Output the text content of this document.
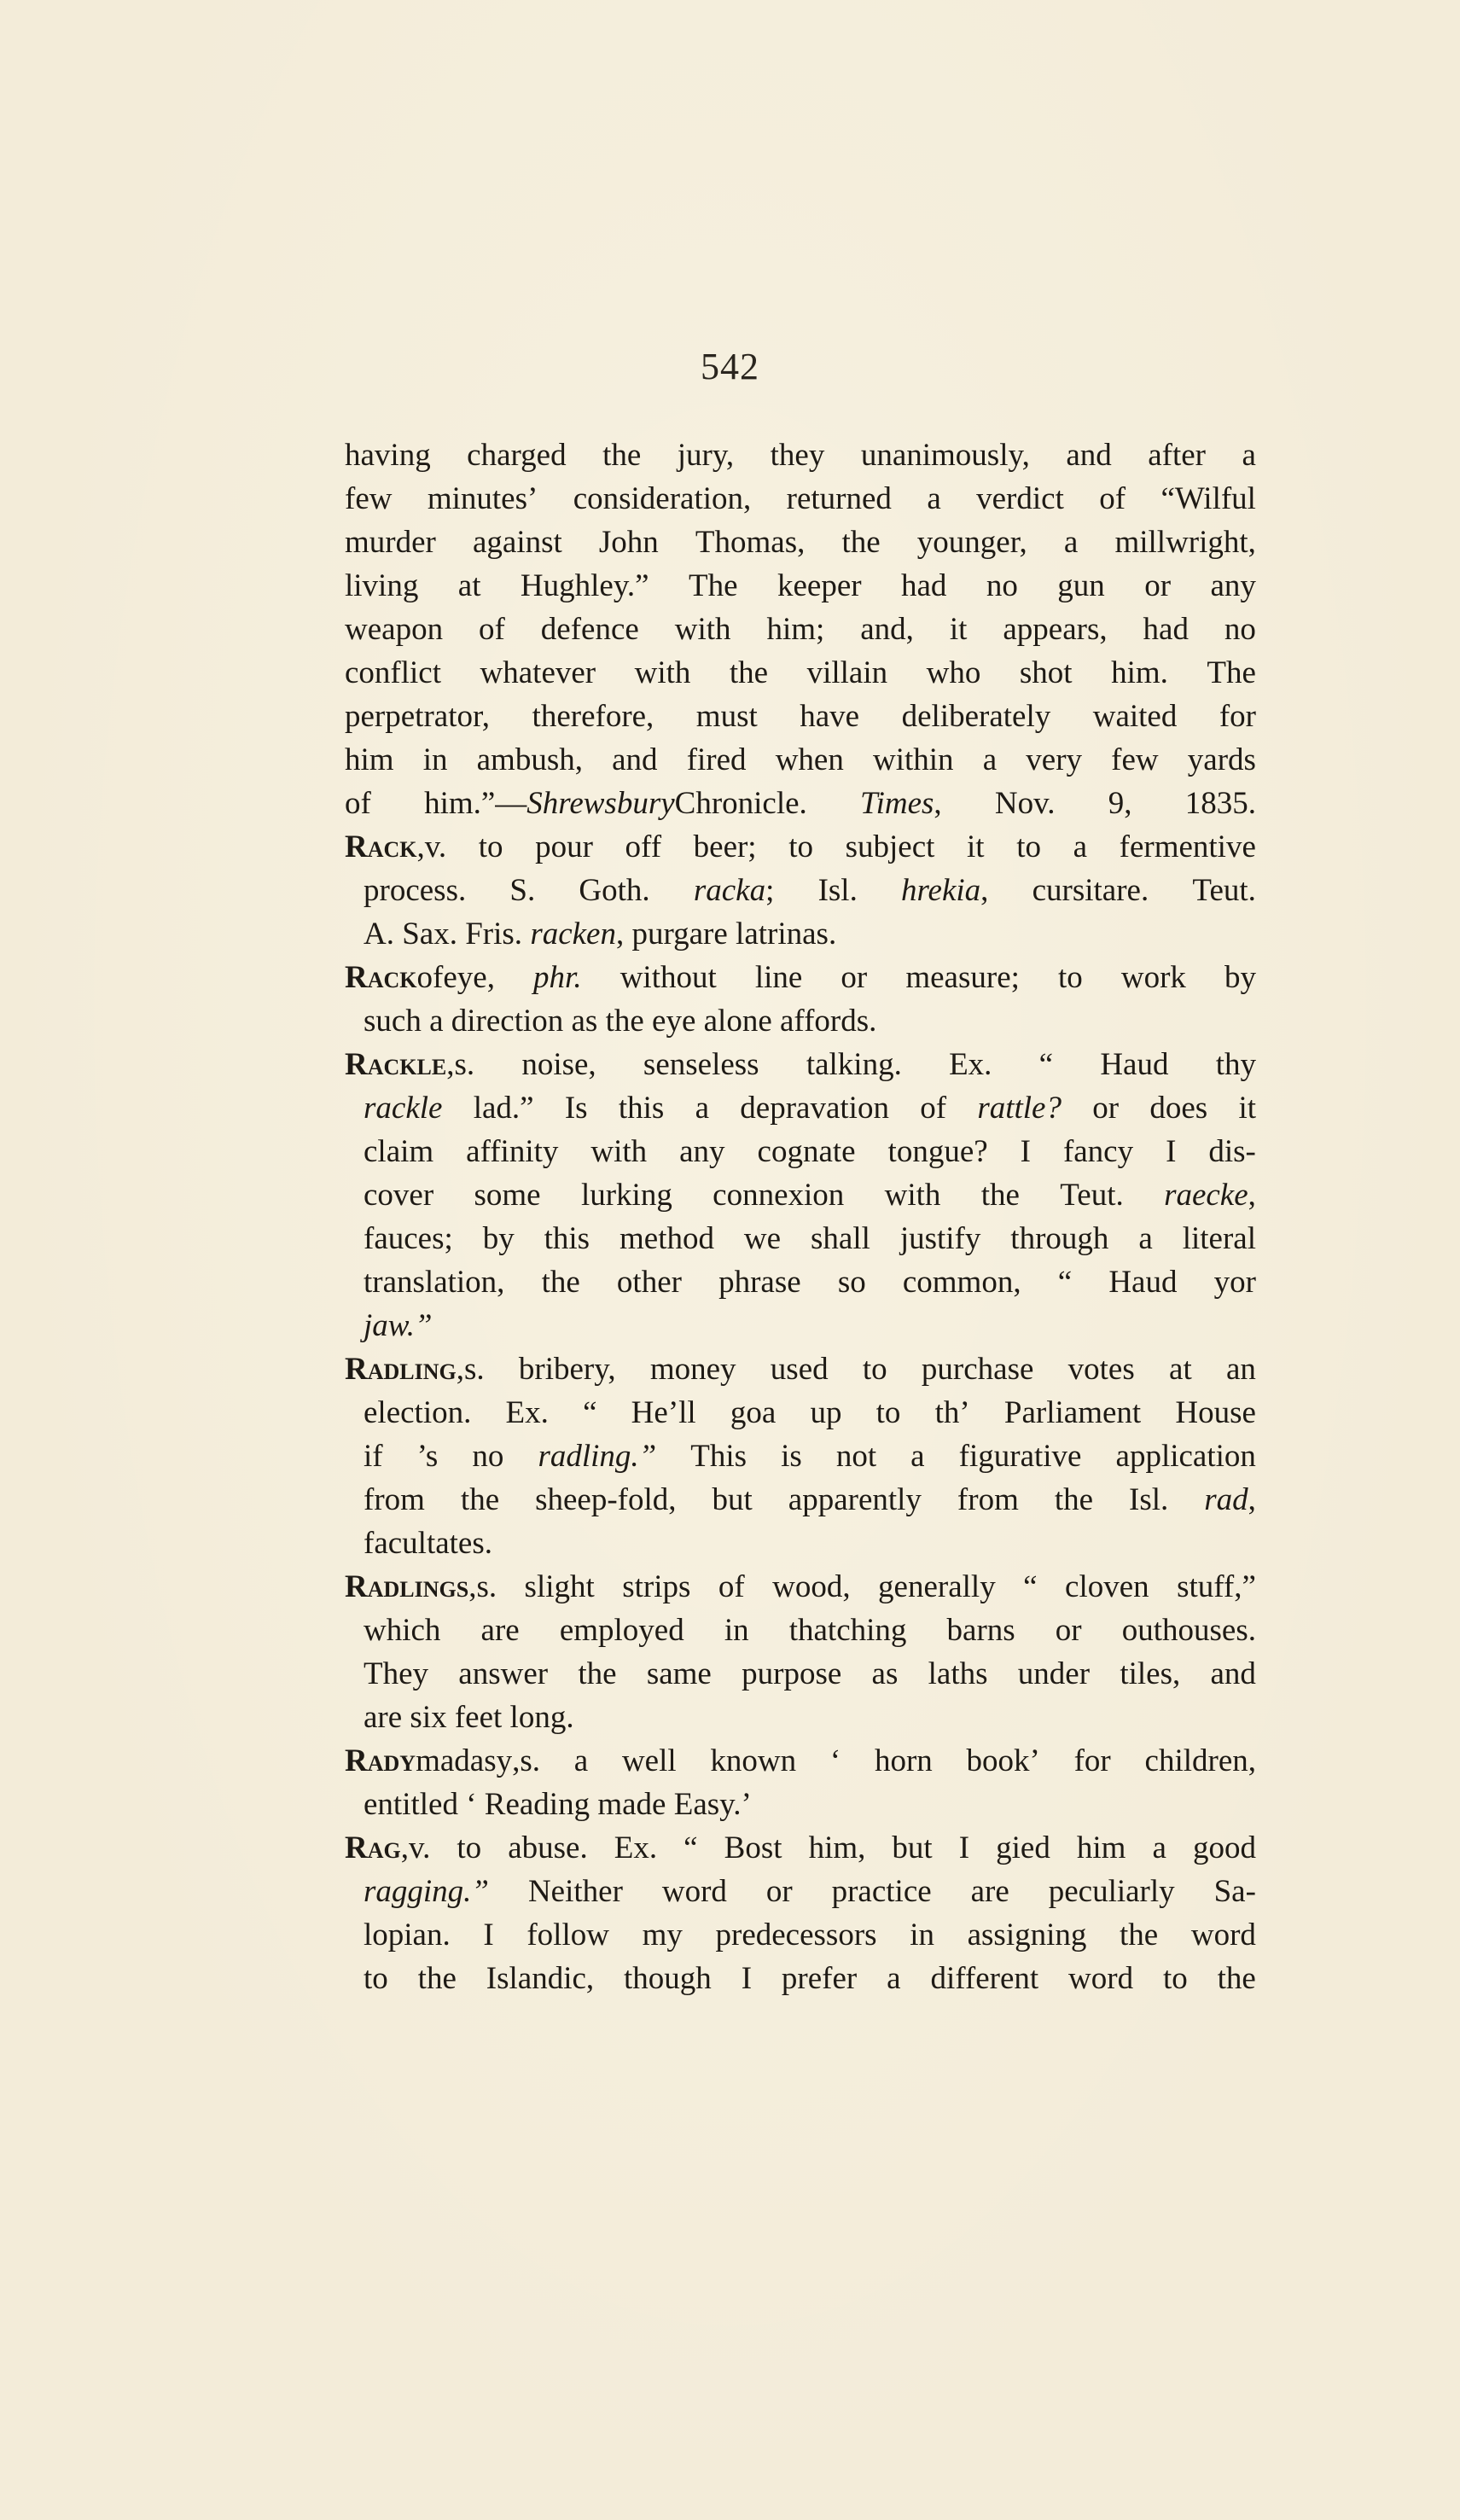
542
having charged the jury, they unanimously, and after a
few minutes’ consideration, returned a verdict of “Wilful
murder against John Thomas, the younger, a millwright,
living at Hughley.” The keeper had no gun or any
weapon of defence with him; and, it appears, had no
conflict whatever with the villain who shot him. The
perpetrator, therefore, must have deliberately waited for
him in ambush, and fired when within a very few yards
of him.”—ShrewsburyChronicle. Times, Nov. 9, 1835.
Rack,v. to pour off beer; to subject it to a fermentive
process. S. Goth. racka; Isl. hrekia, cursitare. Teut.
A. Sax. Fris. racken, purgare latrinas.
Rackofeye, phr. without line or measure; to work by
such a direction as the eye alone affords.
Rackle,s. noise, senseless talking. Ex. “ Haud thy
rackle lad.” Is this a depravation of rattle? or does it
claim affinity with any cognate tongue? I fancy I dis-
cover some lurking connexion with the Teut. raecke,
fauces; by this method we shall justify through a literal
translation, the other phrase so common, “ Haud yor
jaw.”
Radling,s. bribery, money used to purchase votes at an
election. Ex. “ He’ll goa up to th’ Parliament House
if ’s no radling.” This is not a figurative application
from the sheep-fold, but apparently from the Isl. rad,
facultates.
Radlings,s. slight strips of wood, generally “ cloven stuff,”
which are employed in thatching barns or outhouses.
They answer the same purpose as laths under tiles, and
are six feet long.
Radymadasy,s. a well known ‘ horn book’ for children,
entitled ‘ Reading made Easy.’
Rag,v. to abuse. Ex. “ Bost him, but I gied him a good
ragging.” Neither word or practice are peculiarly Sa-
lopian. I follow my predecessors in assigning the word
to the Islandic, though I prefer a different word to the
